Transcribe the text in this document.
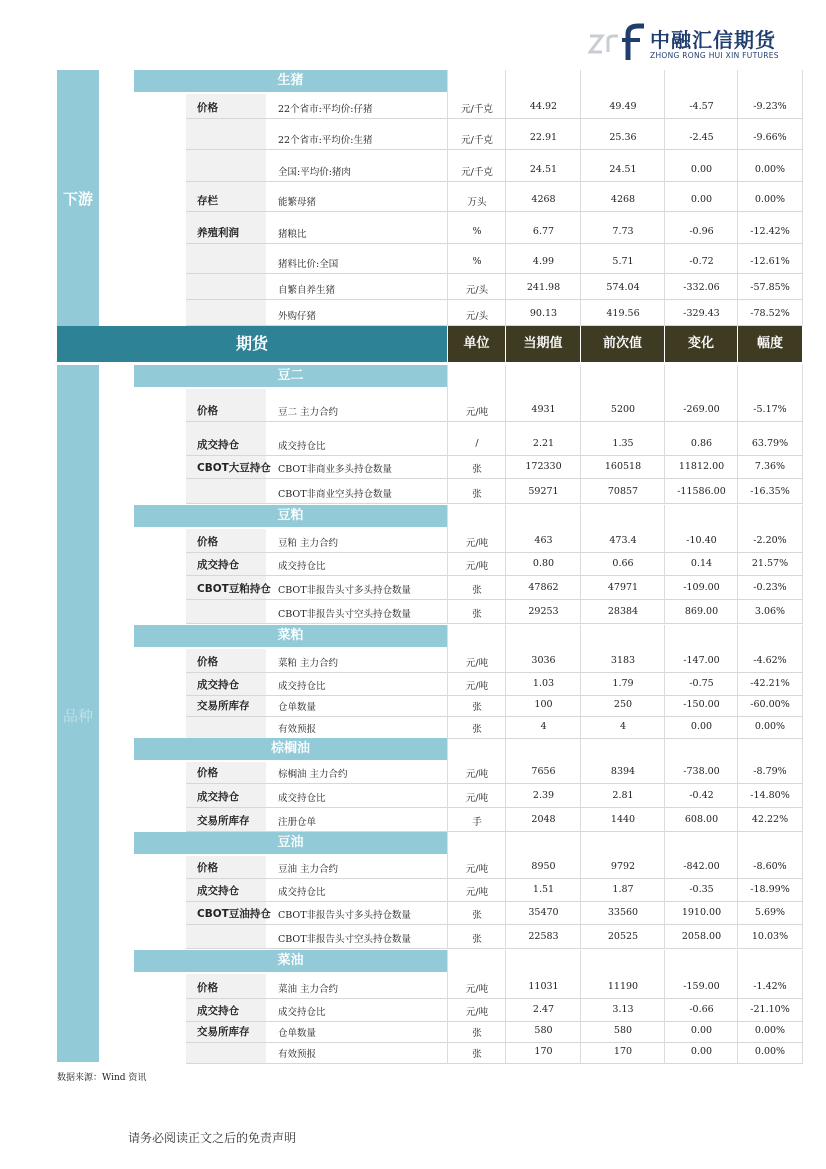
中融汇信期货
ZHONG RONG HUI XIN FUTURES
下游
品种
期货	单位	当期值	前次值	变化	幅度
生猪
价格	22个省市:平均价:仔猪	元/千克	44.92	49.49	-4.57	-9.23%
22个省市:平均价:生猪	元/千克	22.91	25.36	-2.45	-9.66%
全国:平均价:猪肉	元/千克	24.51	24.51	0.00	0.00%
存栏	能繁母猪	万头	4268	4268	0.00	0.00%
养殖利润	猪粮比	%	6.77	7.73	-0.96	-12.42%
猪料比价:全国	%	4.99	5.71	-0.72	-12.61%
自繁自养生猪	元/头	241.98	574.04	-332.06	-57.85%
外购仔猪	元/头	90.13	419.56	-329.43	-78.52%
豆二
价格	豆二 主力合约	元/吨	4931	5200	-269.00	-5.17%
成交持仓	成交持仓比	/	2.21	1.35	0.86	63.79%
CBOT大豆持仓 CBOT非商业多头持仓数量	张	172330	160518	11812.00	7.36%
CBOT非商业空头持仓数量	张	59271	70857	-11586.00	-16.35%
豆粕
价格	豆粕 主力合约	元/吨	463	473.4	-10.40	-2.20%
成交持仓	成交持仓比	元/吨	0.80	0.66	0.14	21.57%
CBOT豆粕持仓 CBOT非报告头寸多头持仓数量	张	47862	47971	-109.00	-0.23%
CBOT非报告头寸空头持仓数量	张	29253	28384	869.00	3.06%
菜粕
价格	菜粕 主力合约	元/吨	3036	3183	-147.00	-4.62%
成交持仓	成交持仓比	元/吨	1.03	1.79	-0.75	-42.21%
交易所库存	仓单数量	张	100	250	-150.00	-60.00%
有效预报	张	4	4	0.00	0.00%
棕榈油
价格	棕榈油 主力合约	元/吨	7656	8394	-738.00	-8.79%
成交持仓	成交持仓比	元/吨	2.39	2.81	-0.42	-14.80%
交易所库存	注册仓单	手	2048	1440	608.00	42.22%
豆油
价格	豆油 主力合约	元/吨	8950	9792	-842.00	-8.60%
成交持仓	成交持仓比	元/吨	1.51	1.87	-0.35	-18.99%
CBOT豆油持仓 CBOT非报告头寸多头持仓数量	张	35470	33560	1910.00	5.69%
CBOT非报告头寸空头持仓数量	张	22583	20525	2058.00	10.03%
菜油
价格	菜油 主力合约	元/吨	11031	11190	-159.00	-1.42%
成交持仓	成交持仓比	元/吨	2.47	3.13	-0.66	-21.10%
交易所库存	仓单数量	张	580	580	0.00	0.00%
有效预报	张	170	170	0.00	0.00%
数据来源：Wind 资讯
请务必阅读正文之后的免责声明
